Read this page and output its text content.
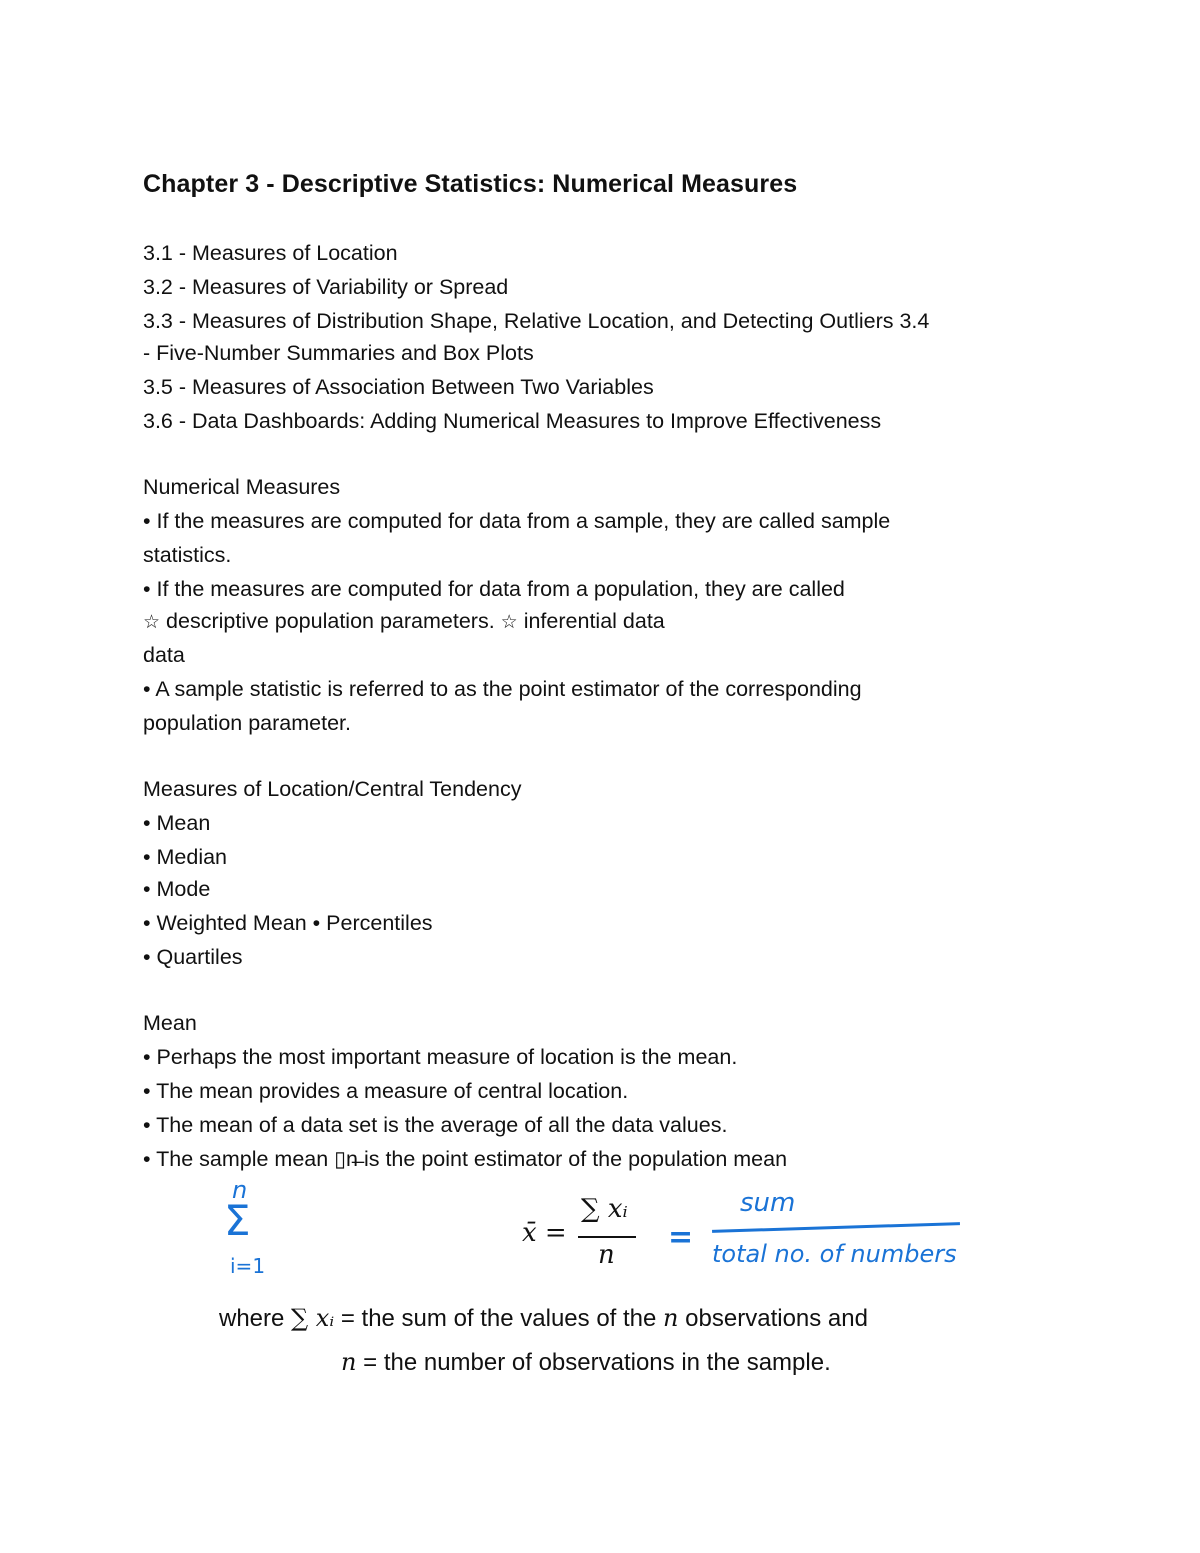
Chapter 3 - Descriptive Statistics: Numerical Measures
3.1 - Measures of Location
3.2 - Measures of Variability or Spread
3.3 - Measures of Distribution Shape, Relative Location, and Detecting Outliers 3.4
- Five-Number Summaries and Box Plots
3.5 - Measures of Association Between Two Variables
3.6 - Data Dashboards: Adding Numerical Measures to Improve Effectiveness
Numerical Measures
• If the measures are computed for data from a sample, they are called sample
statistics.
• If the measures are computed for data from a population, they are called
☆ descriptive population parameters. ☆ inferential data
data
• A sample statistic is referred to as the point estimator of the corresponding
population parameter.
Measures of Location/Central Tendency
• Mean
• Median
• Mode
• Weighted Mean • Percentiles
• Quartiles
Mean
• Perhaps the most important measure of location is the mean.
• The mean provides a measure of central location.
• The mean of a data set is the average of all the data values.
• The sample mean ▯n̶ is the point estimator of the population mean
n
Σ
i=1
x̄ =
∑ xᵢ
n =
sum
total no. of numbers
where ∑ xᵢ = the sum of the values of the n observations and
n = the number of observations in the sample.
